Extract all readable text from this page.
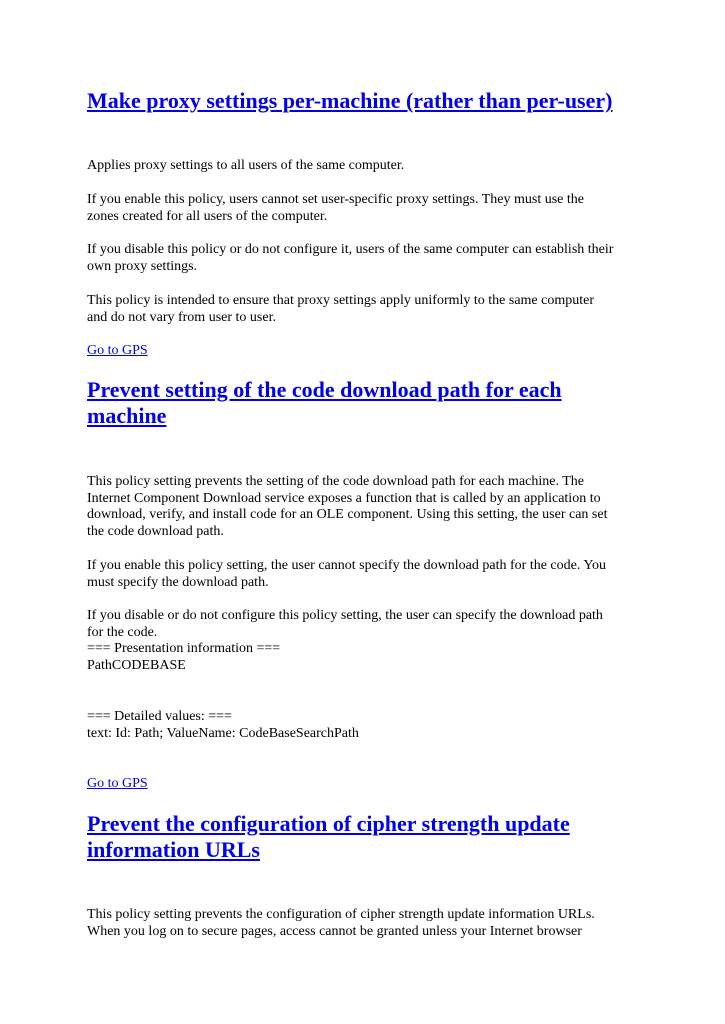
Make proxy settings per-machine (rather than per-user)

Applies proxy settings to all users of the same computer.

If you enable this policy, users cannot set user-specific proxy settings. They must use the
zones created for all users of the computer.

If you disable this policy or do not configure it, users of the same computer can establish their
own proxy settings.

This policy is intended to ensure that proxy settings apply uniformly to the same computer
and do not vary from user to user.

Go to GPS
Prevent setting of the code download path for each
machine

This policy setting prevents the setting of the code download path for each machine. The
Internet Component Download service exposes a function that is called by an application to
download, verify, and install code for an OLE component. Using this setting, the user can set
the code download path.

If you enable this policy setting, the user cannot specify the download path for the code. You
must specify the download path.

If you disable or do not configure this policy setting, the user can specify the download path
for the code.
=== Presentation information ===
PathCODEBASE

=== Detailed values: ===
text: Id: Path; ValueName: CodeBaseSearchPath

Go to GPS
Prevent the configuration of cipher strength update
information URLs

This policy setting prevents the configuration of cipher strength update information URLs.
When you log on to secure pages, access cannot be granted unless your Internet browser
